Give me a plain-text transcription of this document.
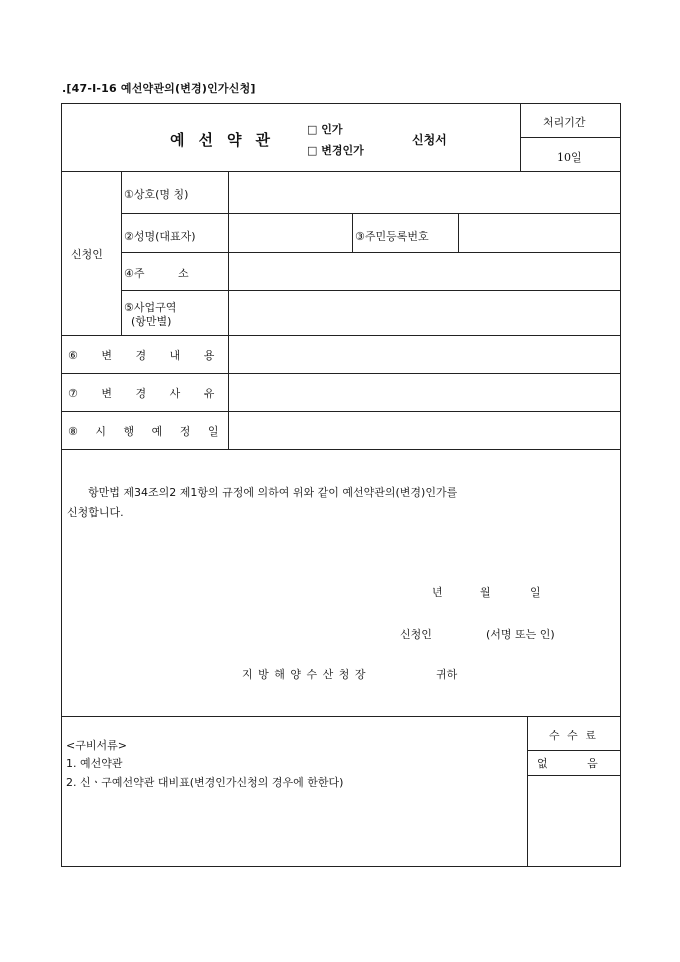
.[47-I-16 예선약관의(변경)인가신청]
예선약관
□ 인가
□ 변경인가
신청서
처리기간
10일
신청인
①상호(명 칭)
②성명(대표자)	③주민등록번호
④주 소
⑤사업구역
(항만별)
⑥ 변 경 내 용
⑦ 변 경 사 유
⑧ 시 행 예 정 일
항만법 제34조의2 제1항의 규정에 의하여 위와 같이 예선약관의(변경)인가를
신청합니다.
년	월	일
신청인	(서명 또는 인)
지방해양수산청장	귀하
<구비서류>
1. 예선약관
2. 신ㆍ구예선약관 대비표(변경인가신청의 경우에 한한다)
수 수 료
없 음
